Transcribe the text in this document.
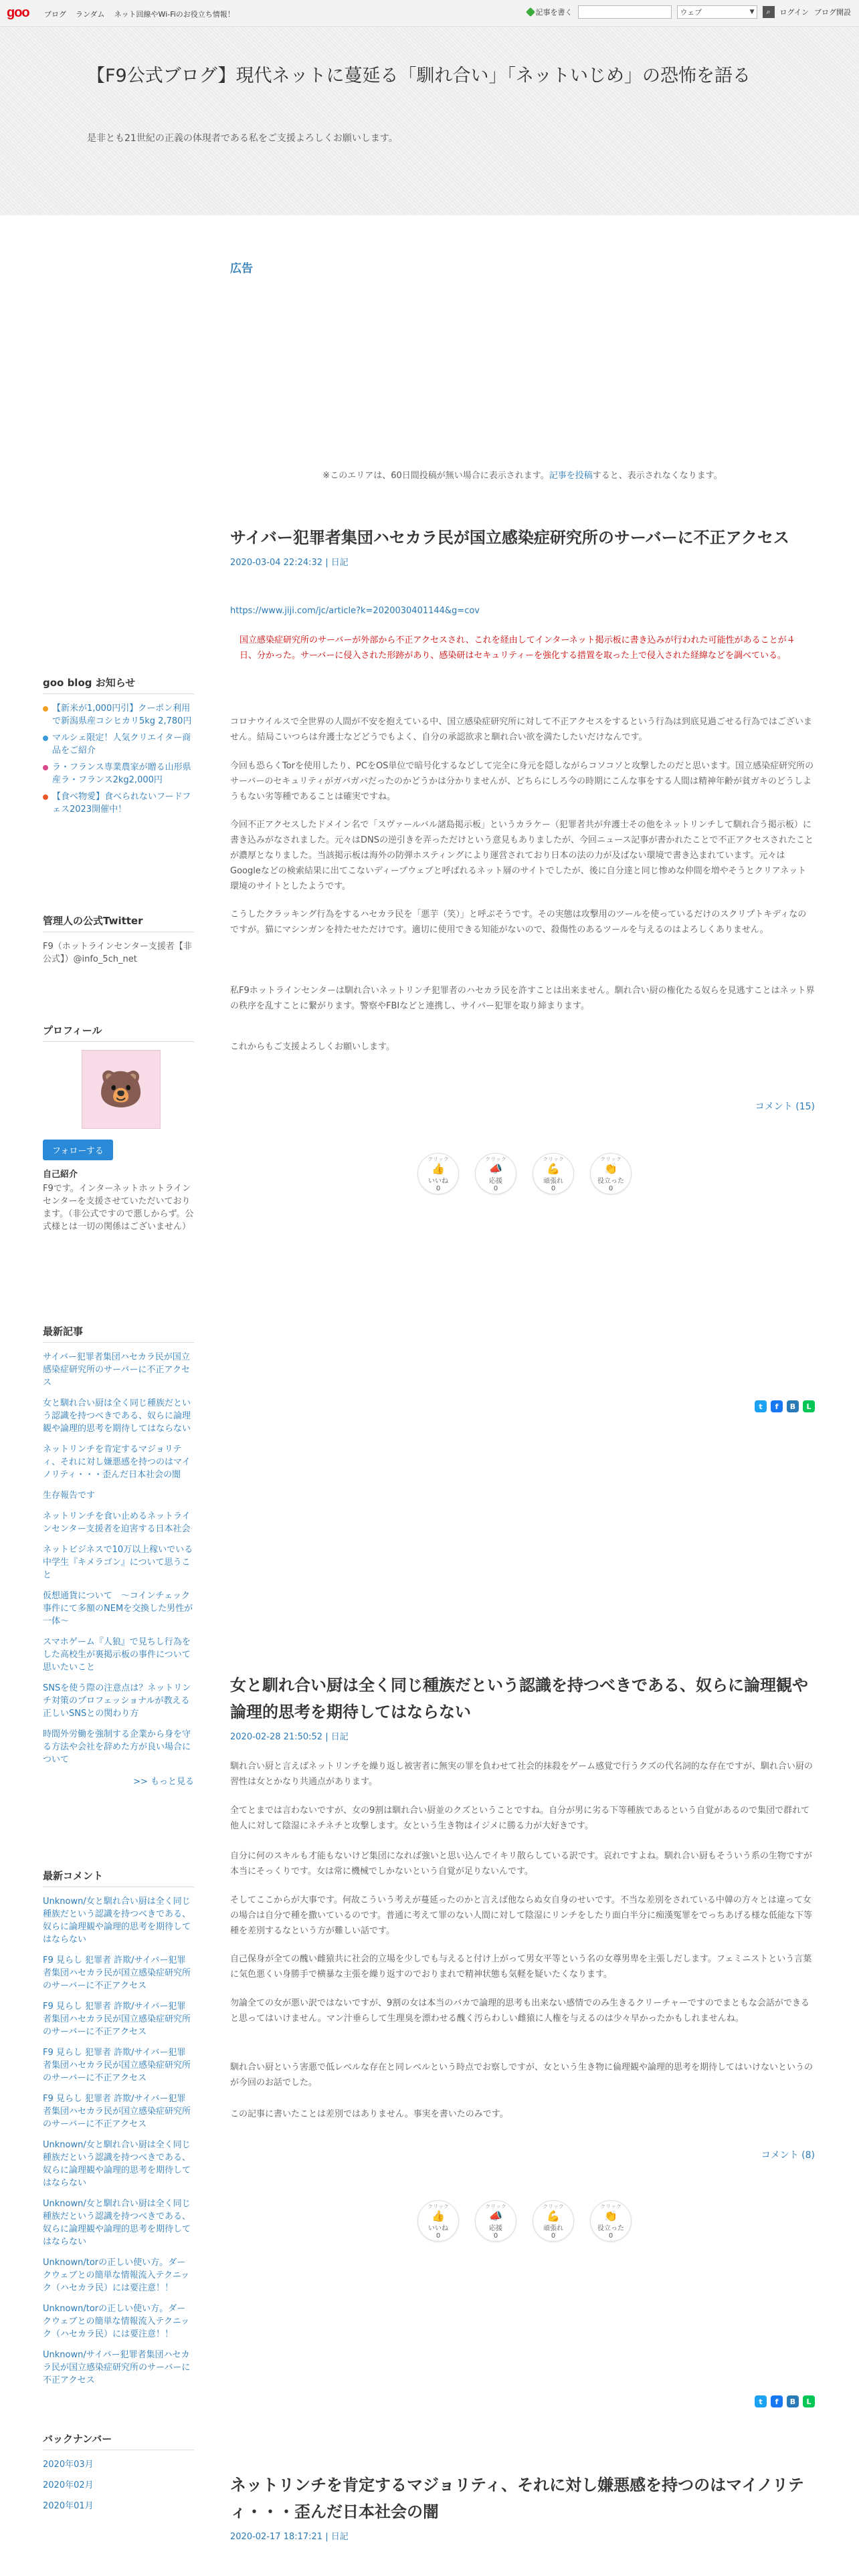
goo ブログ ランダム ネット回線やWi-Fiのお役立ち情報！	記事を書く	ウェブ	▼ ⌕ ログイン ブログ開設
【F9公式ブログ】現代ネットに蔓延る「馴れ合い」「ネットいじめ」の恐怖を語る
是非とも21世紀の正義の体現者である私をご支援よろしくお願いします。
広告
※このエリアは、60日間投稿が無い場合に表示されます。記事を投稿すると、表示されなくなります。
サイバー犯罪者集団ハセカラ民が国立感染症研究所のサーバーに不正アクセス
2020-03-04 22:24:32 | 日記

https://www.jiji.com/jc/article?k=2020030401144&g=cov

国立感染症研究所のサーバーが外部から不正アクセスされ、これを経由してインターネット掲示板に書き込みが行われた可能性があることが４日、分かった。サーバーに侵入された形跡があり、感染研はセキュリティーを強化する措置を取った上で侵入された経緯などを調べている。

コロナウイルスで全世界の人間が不安を抱えている中、国立感染症研究所に対して不正アクセスをするという行為は到底見過ごせる行為ではございません。結局こいつらは弁護士などどうでもよく、自分の承認欲求と馴れ合い欲を満たしたいだけなんです。

今回も恐らくTorを使用したり、PCをOS単位で暗号化するなどして完全に身元を隠しながらコソコソと攻撃したのだと思います。国立感染症研究所のサーバーのセキュリティがガバガバだったのかどうかは分かりませんが、どちらにしろ今の時期にこんな事をする人間は精神年齢が貧ガキのどうしようもない劣等種であることは確実ですね。

今回不正アクセスしたドメイン名で「スヴァールバル諸島掲示板」というカラケー（犯罪者共が弁護士その他をネットリンチして馴れ合う掲示板）に書き込みがなされました。元々はDNSの逆引きを弄っただけという意見もありましたが、今回ニュース記事が書かれたことで不正アクセスされたことが濃厚となりました。当該掲示板は海外の防弾ホスティングにより運営されており日本の法の力が及ばない環境で書き込まれています。元々はGoogleなどの検索結果に出てこないディープウェブと呼ばれるネット層のサイトでしたが、後に自分達と同じ惨めな仲間を増やそうとクリアネット環境のサイトとしたようです。

こうしたクラッキング行為をするハセカラ民を「悪芋（笑）」と呼ぶそうです。その実態は攻撃用のツールを使っているだけのスクリプトキディなのですが。猫にマシンガンを持たせただけです。適切に使用できる知能がないので、殺傷性のあるツールを与えるのはよろしくありません。

私F9ホットラインセンターは馴れ合いネットリンチ犯罪者のハセカラ民を許すことは出来ません。馴れ合い厨の権化たる奴らを見逃すことはネット界の秩序を乱すことに繋がります。警察やFBIなどと連携し、サイバー犯罪を取り締まります。

これからもご支援よろしくお願いします。

コメント (15)
クリック
👍
いいね
0
クリック
📣
応援
0
クリック
💪
頑張れ
0
クリック
👏
役立った
0
t	f	B	L
女と馴れ合い厨は全く同じ種族だという認識を持つべきである、奴らに論理観や論理的思考を期待してはならない
2020-02-28 21:50:52 | 日記

馴れ合い厨と言えばネットリンチを繰り返し被害者に無実の罪を負わせて社会的抹殺をゲーム感覚で行うクズの代名詞的な存在ですが、馴れ合い厨の習性は女とかなり共通点があります。

全てとまでは言わないですが、女の9割は馴れ合い厨並のクズということですね。自分が男に劣る下等種族であるという自覚があるので集団で群れて他人に対して陰湿にネチネチと攻撃します。女という生き物はイジメに勝る力が大好きです。

自分に何のスキルも才能もないけど集団になれば強いと思い込んでイキリ散らしている訳です。哀れですよね。馴れ合い厨もそういう系の生物ですが本当にそっくりです。女は常に機械でしかないという自覚が足りないんです。

そしてここからが大事です。何故こういう考えが蔓延ったのかと言えば他ならぬ女自身のせいです。不当な差別をされている中韓の方々とは違って女の場合は自分で種を撒いているのです。普通に考えて罪のない人間に対して陰湿にリンチをしたり面白半分に痴漢冤罪をでっちあげる様な低能な下等種を差別するなという方が難しい話です。

自己保身が全ての醜い雌猿共に社会的立場を少しでも与えると付け上がって男女平等という名の女尊男卑を主張しだします。フェミニストという言葉に気色悪くい身勝手で横暴な主張を繰り返すのでおりまれで精神状態も気軽を疑いたくなります。

勿論全ての女が悪い訳ではないですが、9割の女は本当のバカで論理的思考も出来ない感情でのみ生きるクリーチャーですのでまともな会話ができると思ってはいけません。マン汁垂らして生理臭を漂わせる醜く汚らわしい雌猿に人権を与えるのは少々早かったかもしれませんね。

馴れ合い厨という害悪で低レベルな存在と同レベルという時点でお察しですが、女という生き物に倫理観や論理的思考を期待してはいけないというのが今回のお話でした。

この記事に書いたことは差別ではありません。事実を書いたのみです。

コメント (8)
クリック
👍
いいね
0
クリック
📣
応援
0
クリック
💪
頑張れ
0
クリック
👏
役立った
0
t	f	B	L
ネットリンチを肯定するマジョリティ、それに対し嫌悪感を持つのはマイノリティ・・・歪んだ日本社会の闇
2020-02-17 18:17:21 | 日記
goo blog お知らせ
【新米が1,000円引】クーポン利用で新潟県産コシヒカリ5kg 2,780円
マルシェ限定！人気クリエイター商品をご紹介
ラ・フランス専業農家が贈る山形県産ラ・フランス2kg2,000円
【食べ物愛】食べられないフードフェス2023開催中！
管理人の公式Twitter
F9（ホットラインセンター支援者【非公式】）@info_5ch_net
プロフィール
🐻
フォローする
自己紹介
F9です。インターネットホットラインセンターを支援させていただいております。（非公式ですので悪しからず。公式様とは一切の関係はございません）
最新記事
サイバー犯罪者集団ハセカラ民が国立感染症研究所のサーバーに不正アクセス
女と馴れ合い厨は全く同じ種族だという認識を持つべきである、奴らに論理観や論理的思考を期待してはならない
ネットリンチを肯定するマジョリティ、それに対し嫌悪感を持つのはマイノリティ・・・歪んだ日本社会の闇
生存報告です
ネットリンチを食い止めるネットラインセンター支援者を迫害する日本社会
ネットビジネスで10万以上稼いでいる中学生『キメラゴン』について思うこと
仮想通貨について　～コインチェック事件にて多額のNEMを交換した男性が一体～
スマホゲーム『人狼』で見ちし行為をした高校生が裏掲示板の事件について思いたいこと
SNSを使う際の注意点は？ネットリンチ対策のプロフェッショナルが教える正しいSNSとの関わり方
時間外労働を強制する企業から身を守る方法や会社を辞めた方が良い場合について
>> もっと見る
最新コメント
Unknown/女と馴れ合い厨は全く同じ種族だという認識を持つべきである、奴らに論理観や論理的思考を期待してはならない
F9 見らし 犯罪者 許欺/サイバー犯罪者集団ハセカラ民が国立感染症研究所のサーバーに不正アクセス
F9 見らし 犯罪者 許欺/サイバー犯罪者集団ハセカラ民が国立感染症研究所のサーバーに不正アクセス
F9 見らし 犯罪者 許欺/サイバー犯罪者集団ハセカラ民が国立感染症研究所のサーバーに不正アクセス
F9 見らし 犯罪者 許欺/サイバー犯罪者集団ハセカラ民が国立感染症研究所のサーバーに不正アクセス
Unknown/女と馴れ合い厨は全く同じ種族だという認識を持つべきである、奴らに論理観や論理的思考を期待してはならない
Unknown/女と馴れ合い厨は全く同じ種族だという認識を持つべきである、奴らに論理観や論理的思考を期待してはならない
Unknown/torの正しい使い方。ダークウェブとの簡単な情報流入テクニック（ハセカラ民）には要注意！！
Unknown/torの正しい使い方。ダークウェブとの簡単な情報流入テクニック（ハセカラ民）には要注意！！
Unknown/サイバー犯罪者集団ハセカラ民が国立感染症研究所のサーバーに不正アクセス
バックナンバー
2020年03月
2020年02月
2020年01月
